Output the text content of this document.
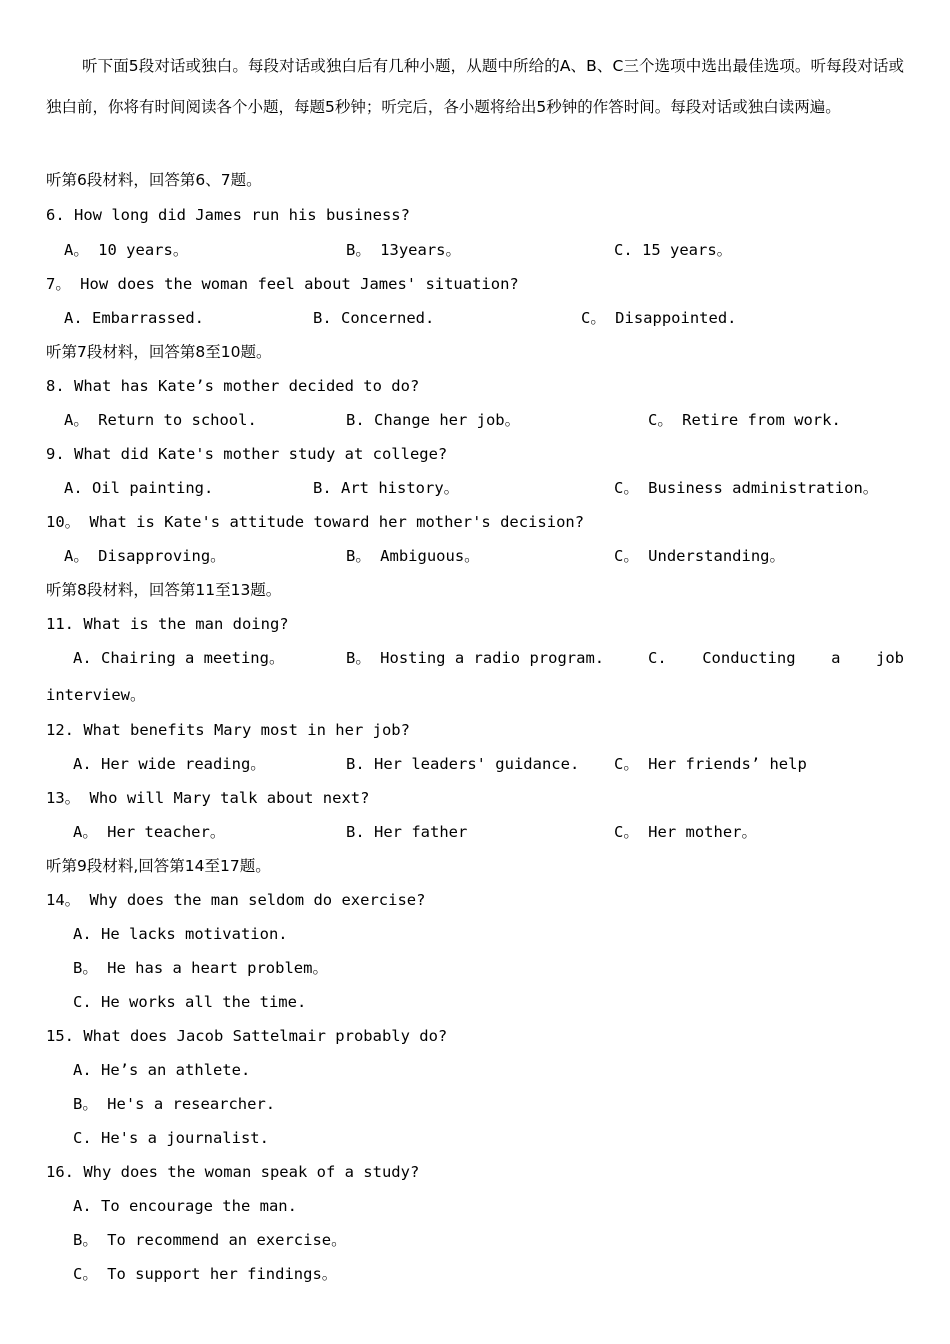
听下面5段对话或独白。每段对话或独白后有几种小题，从题中所给的A、B、C三个选项中选出最佳选项。听每段对话或独白前，你将有时间阅读各个小题，每题5秒钟；听完后，各小题将给出5秒钟的作答时间。每段对话或独白读两遍。

听第6段材料，回答第6、7题。
6. How long did James run his business?
A。 10 years。	B。 13years。	C. 15 years。
7。 How does the woman feel about James' situation?
A. Embarrassed.	B. Concerned.	C。 Disappointed.
听第7段材料，回答第8至10题。
8. What has Kate’s mother decided to do?
A。 Return to school.	B. Change her job。	C。 Retire from work.
9. What did Kate's mother study at college?
A. Oil painting.	B. Art history。	C。 Business administration。
10。 What is Kate's attitude toward her mother's decision?
A。 Disapproving。	B。 Ambiguous。	C。 Understanding。
听第8段材料，回答第11至13题。
11. What is the man doing?
A. Chairing a meeting。	B。 Hosting a radio program.	C. Conducting a job
interview。
12. What benefits Mary most in her job?
A. Her wide reading。	B. Her leaders' guidance. C。 Her friends’ help
13。 Who will Mary talk about next?
A。 Her teacher。	B. Her father	C。 Her mother。
听第9段材料,回答第14至17题。
14。 Why does the man seldom do exercise?
A. He lacks motivation.
B。 He has a heart problem。
C. He works all the time.
15. What does Jacob Sattelmair probably do?
A. He’s an athlete.
B。 He's a researcher.
C. He's a journalist.
16. Why does the woman speak of a study?
A. To encourage the man.
B。 To recommend an exercise。
C。 To support her findings。
